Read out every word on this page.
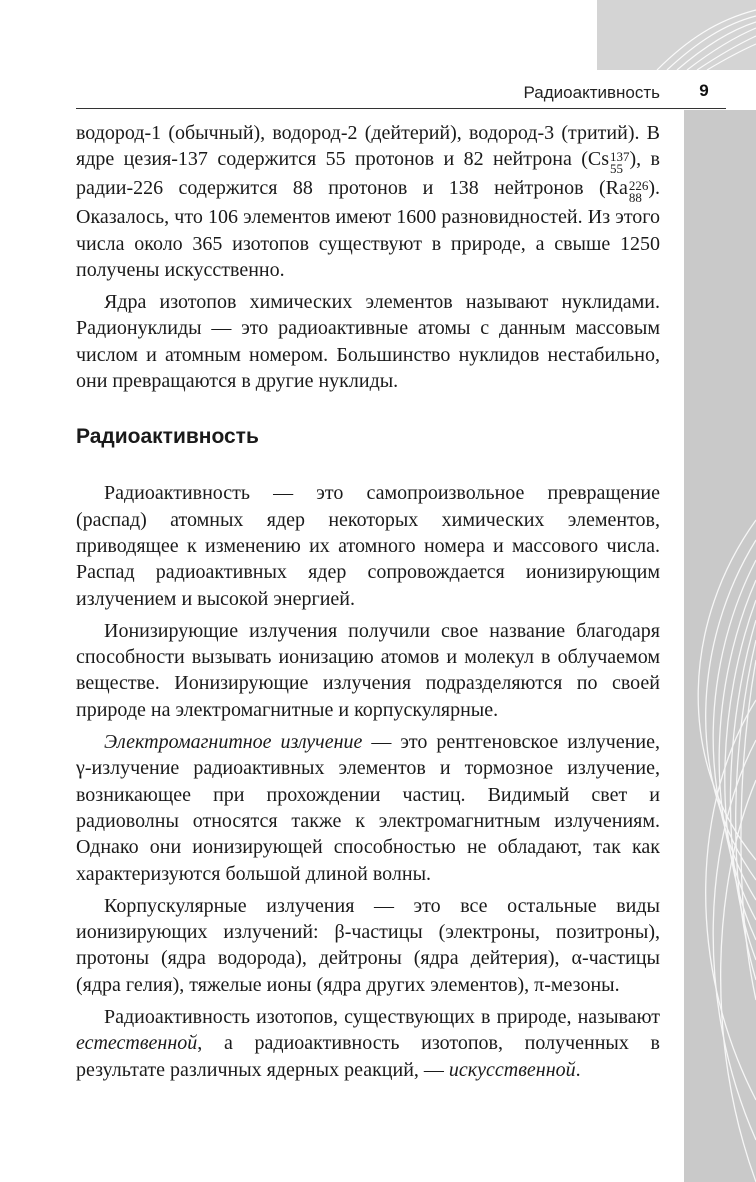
9
Радиоактивность

водород-1 (обычный), водород-2 (дейтерий), водород-3 (тритий). В ядре цезия-137 содержится 55 протонов и 82 нейтрона (Cs 137
55 ), в радии-226 содержится 88 протонов и 138 нейтронов (Ra 226
88 ). Оказалось, что 106 элементов имеют 1600 разновидностей. Из этого числа около 365 изотопов существуют в природе, а свыше 1250 получены искусственно.

Ядра изотопов химических элементов называют нуклидами. Радионуклиды — это радиоактивные атомы с данным массовым числом и атомным номером. Большинство нуклидов нестабильно, они превращаются в другие нуклиды.

Радиоактивность

Радиоактивность — это самопроизвольное превращение (распад) атомных ядер некоторых химических элементов, приводящее к изменению их атомного номера и массового числа. Распад радиоактивных ядер сопровождается ионизирующим излучением и высокой энергией.

Ионизирующие излучения получили свое название благодаря способности вызывать ионизацию атомов и молекул в облучаемом веществе. Ионизирующие излучения подразделяются по своей природе на электромагнитные и корпускулярные.

Электромагнитное излучение — это рентгеновское излучение, γ-излучение радиоактивных элементов и тормозное излучение, возникающее при прохождении частиц. Видимый свет и радиоволны относятся также к электромагнитным излучениям. Однако они ионизирующей способностью не обладают, так как характеризуются большой длиной волны.

Корпускулярные излучения — это все остальные виды ионизирующих излучений: β-частицы (электроны, позитроны), протоны (ядра водорода), дейтроны (ядра дейтерия), α-частицы (ядра гелия), тяжелые ионы (ядра других элементов), π-мезоны.

Радиоактивность изотопов, существующих в природе, называют естественной, а радиоактивность изотопов, полученных в результате различных ядерных реакций, — искусственной.
